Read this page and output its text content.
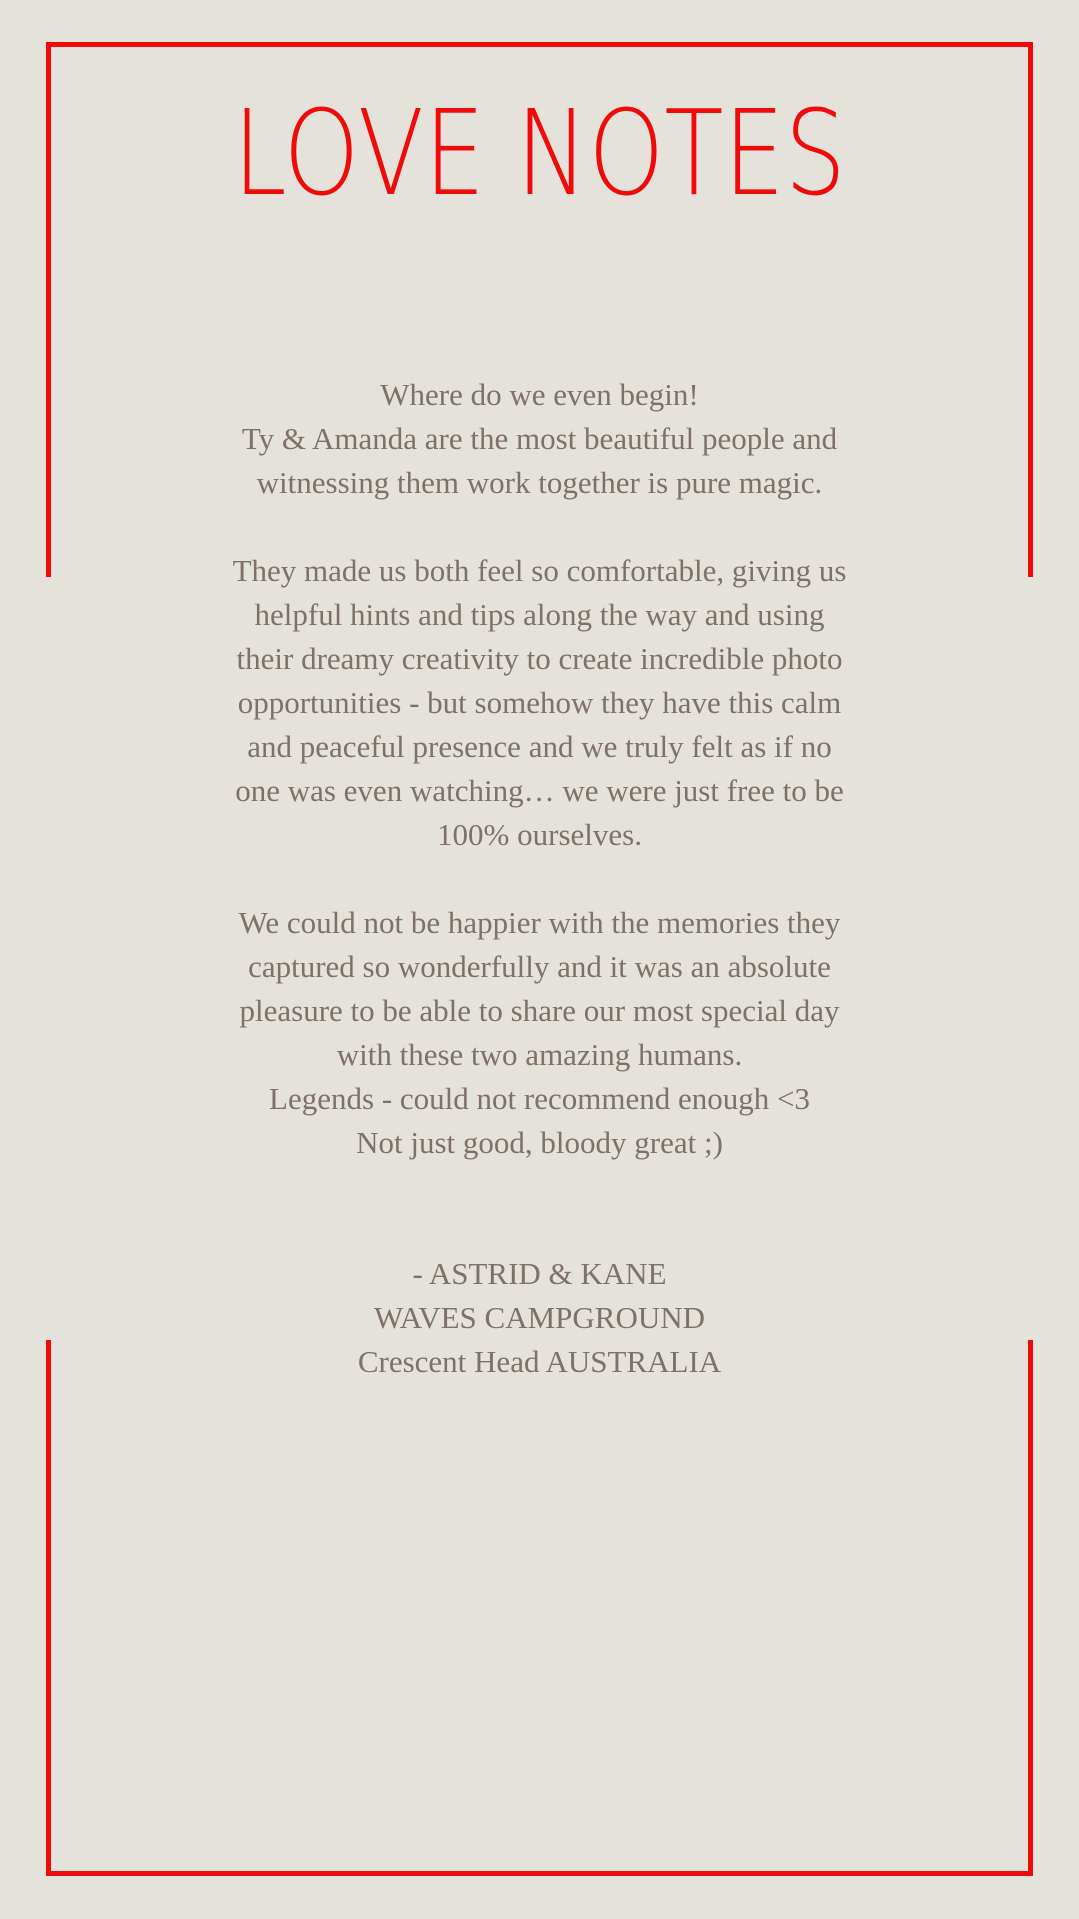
LOVE NOTES
Where do we even begin!
Ty & Amanda are the most beautiful people and
witnessing them work together is pure magic.
They made us both feel so comfortable, giving us
helpful hints and tips along the way and using
their dreamy creativity to create incredible photo
opportunities - but somehow they have this calm
and peaceful presence and we truly felt as if no
one was even watching… we were just free to be
100% ourselves.
We could not be happier with the memories they
captured so wonderfully and it was an absolute
pleasure to be able to share our most special day
with these two amazing humans.
Legends - could not recommend enough <3
Not just good, bloody great ;)
- ASTRID & KANE
WAVES CAMPGROUND
Crescent Head AUSTRALIA
